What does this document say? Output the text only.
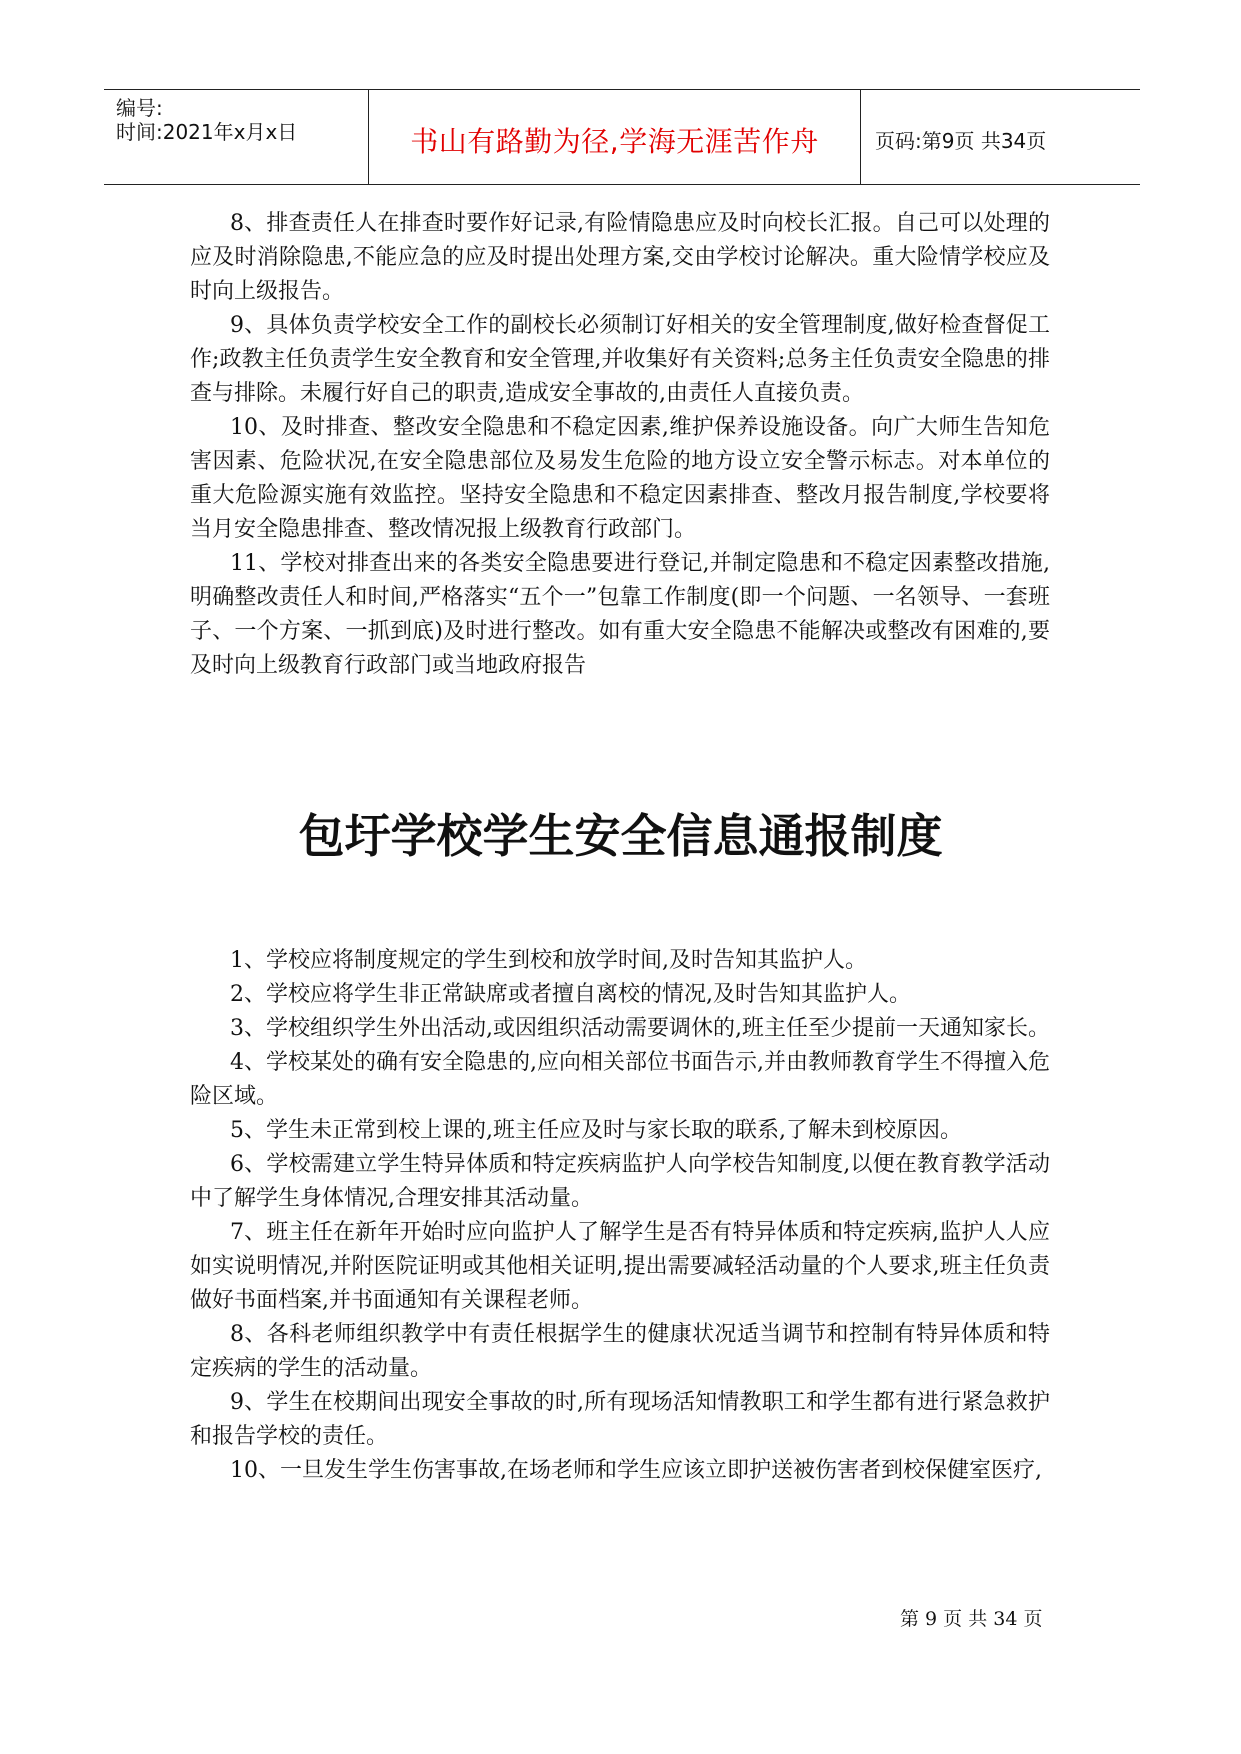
编号:
时间:2021年x月x日	书山有路勤为径,学海无涯苦作舟	页码:第9页 共34页

8、排查责任人在排查时要作好记录,有险情隐患应及时向校长汇报。自己可以处理的应及时消除隐患,不能应急的应及时提出处理方案,交由学校讨论解决。重大险情学校应及时向上级报告。

9、具体负责学校安全工作的副校长必须制订好相关的安全管理制度,做好检查督促工作;政教主任负责学生安全教育和安全管理,并收集好有关资料;总务主任负责安全隐患的排查与排除。未履行好自己的职责,造成安全事故的,由责任人直接负责。

10、及时排查、整改安全隐患和不稳定因素,维护保养设施设备。向广大师生告知危害因素、危险状况,在安全隐患部位及易发生危险的地方设立安全警示标志。对本单位的重大危险源实施有效监控。坚持安全隐患和不稳定因素排查、整改月报告制度,学校要将当月安全隐患排查、整改情况报上级教育行政部门。

11、学校对排查出来的各类安全隐患要进行登记,并制定隐患和不稳定因素整改措施,明确整改责任人和时间,严格落实“五个一”包靠工作制度(即一个问题、一名领导、一套班子、一个方案、一抓到底)及时进行整改。如有重大安全隐患不能解决或整改有困难的,要及时向上级教育行政部门或当地政府报告

包圩学校学生安全信息通报制度

1、学校应将制度规定的学生到校和放学时间,及时告知其监护人。

2、学校应将学生非正常缺席或者擅自离校的情况,及时告知其监护人。

3、学校组织学生外出活动,或因组织活动需要调休的,班主任至少提前一天通知家长。

4、学校某处的确有安全隐患的,应向相关部位书面告示,并由教师教育学生不得擅入危险区域。

5、学生未正常到校上课的,班主任应及时与家长取的联系,了解未到校原因。

6、学校需建立学生特异体质和特定疾病监护人向学校告知制度,以便在教育教学活动中了解学生身体情况,合理安排其活动量。

7、班主任在新年开始时应向监护人了解学生是否有特异体质和特定疾病,监护人人应如实说明情况,并附医院证明或其他相关证明,提出需要减轻活动量的个人要求,班主任负责做好书面档案,并书面通知有关课程老师。

8、各科老师组织教学中有责任根据学生的健康状况适当调节和控制有特异体质和特定疾病的学生的活动量。

9、学生在校期间出现安全事故的时,所有现场活知情教职工和学生都有进行紧急救护和报告学校的责任。

10、一旦发生学生伤害事故,在场老师和学生应该立即护送被伤害者到校保健室医疗,

第 9 页 共 34 页
